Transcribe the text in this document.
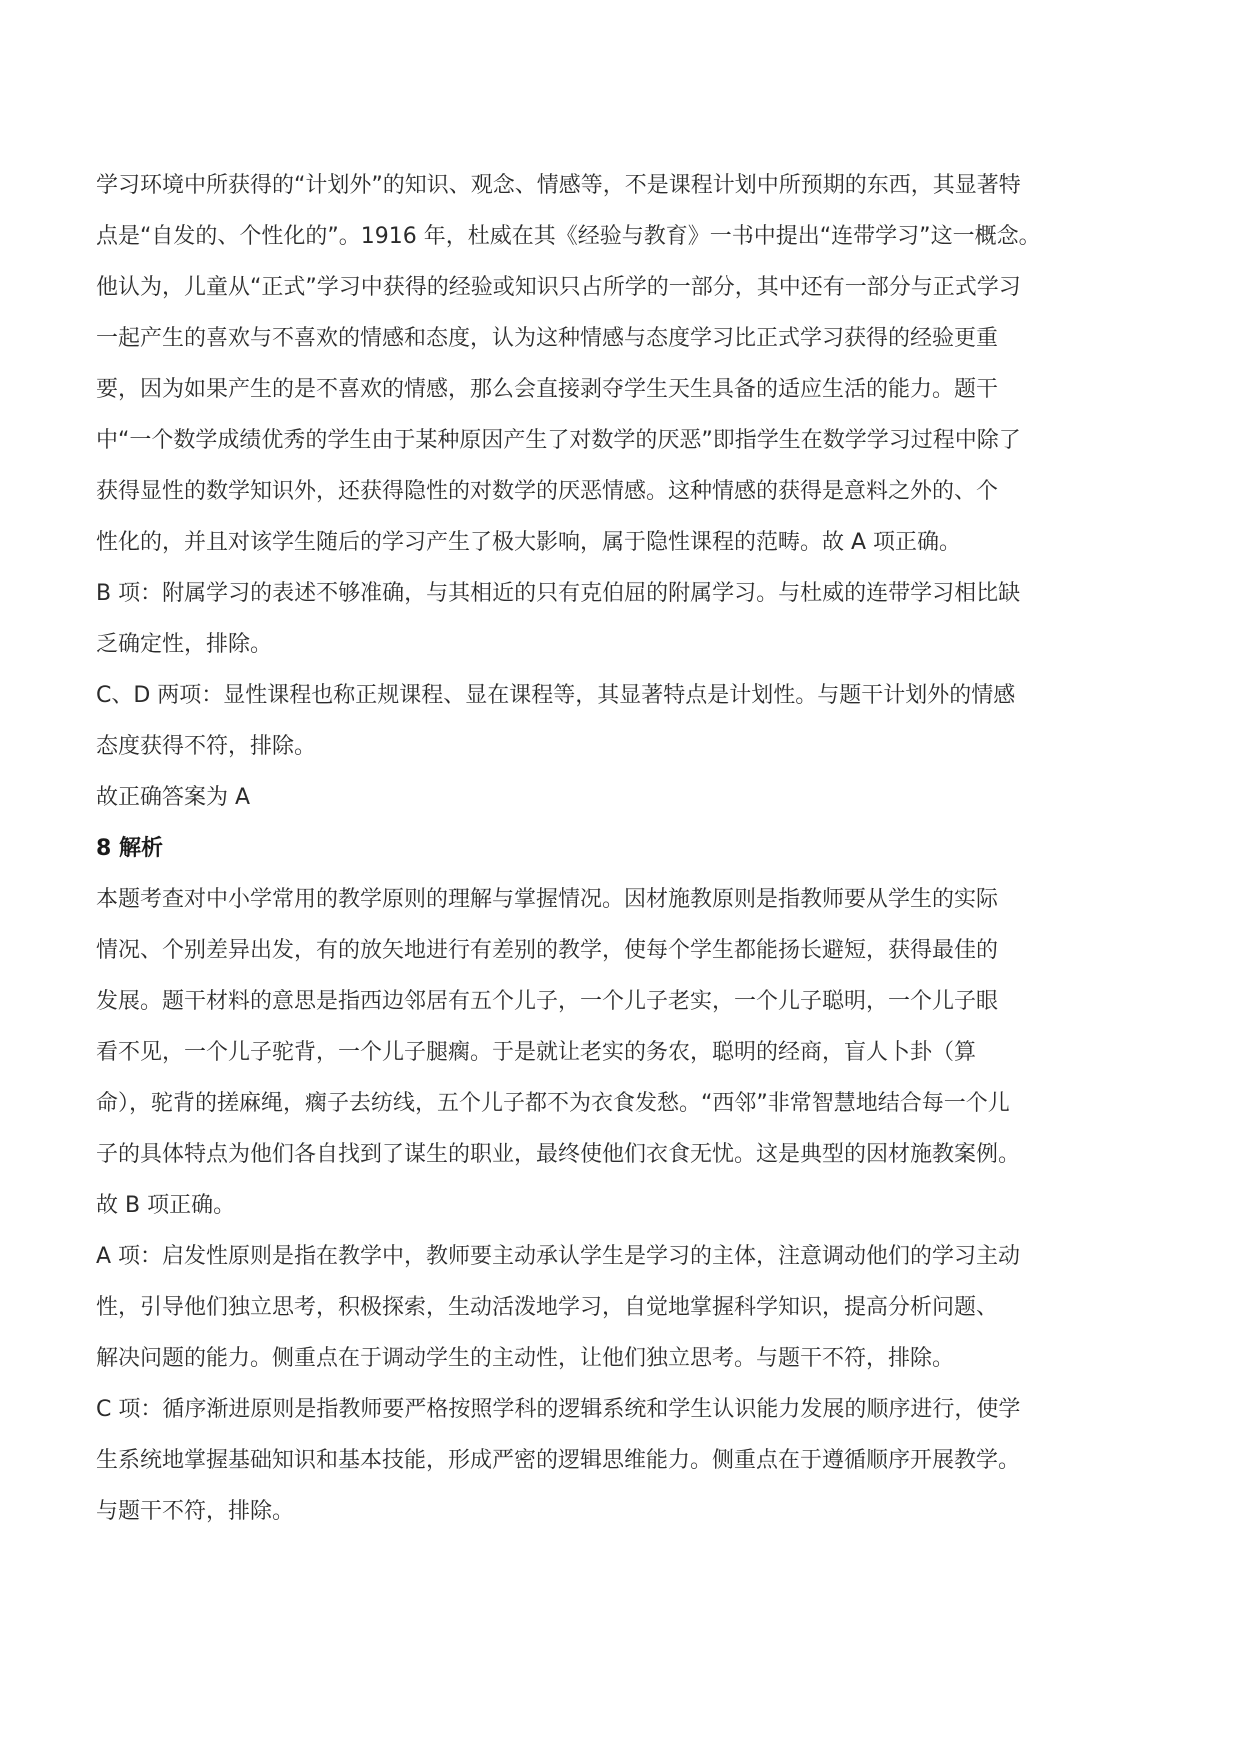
学习环境中所获得的“计划外”的知识、观念、情感等，不是课程计划中所预期的东西，其显著特
点是“自发的、个性化的”。1916 年，杜威在其《经验与教育》一书中提出“连带学习”这一概念。
他认为，儿童从“正式”学习中获得的经验或知识只占所学的一部分，其中还有一部分与正式学习
一起产生的喜欢与不喜欢的情感和态度，认为这种情感与态度学习比正式学习获得的经验更重
要，因为如果产生的是不喜欢的情感，那么会直接剥夺学生天生具备的适应生活的能力。题干
中“一个数学成绩优秀的学生由于某种原因产生了对数学的厌恶”即指学生在数学学习过程中除了
获得显性的数学知识外，还获得隐性的对数学的厌恶情感。这种情感的获得是意料之外的、个
性化的，并且对该学生随后的学习产生了极大影响，属于隐性课程的范畴。故 A 项正确。
B 项：附属学习的表述不够准确，与其相近的只有克伯屈的附属学习。与杜威的连带学习相比缺
乏确定性，排除。
C、D 两项：显性课程也称正规课程、显在课程等，其显著特点是计划性。与题干计划外的情感
态度获得不符，排除。
故正确答案为 A
8 解析
本题考查对中小学常用的教学原则的理解与掌握情况。因材施教原则是指教师要从学生的实际
情况、个别差异出发，有的放矢地进行有差别的教学，使每个学生都能扬长避短，获得最佳的
发展。题干材料的意思是指西边邻居有五个儿子，一个儿子老实，一个儿子聪明，一个儿子眼
看不见，一个儿子驼背，一个儿子腿瘸。于是就让老实的务农，聪明的经商，盲人卜卦（算
命），驼背的搓麻绳，瘸子去纺线，五个儿子都不为衣食发愁。“西邻”非常智慧地结合每一个儿
子的具体特点为他们各自找到了谋生的职业，最终使他们衣食无忧。这是典型的因材施教案例。
故 B 项正确。
A 项：启发性原则是指在教学中，教师要主动承认学生是学习的主体，注意调动他们的学习主动
性，引导他们独立思考，积极探索，生动活泼地学习，自觉地掌握科学知识，提高分析问题、
解决问题的能力。侧重点在于调动学生的主动性，让他们独立思考。与题干不符，排除。
C 项：循序渐进原则是指教师要严格按照学科的逻辑系统和学生认识能力发展的顺序进行，使学
生系统地掌握基础知识和基本技能，形成严密的逻辑思维能力。侧重点在于遵循顺序开展教学。
与题干不符，排除。
